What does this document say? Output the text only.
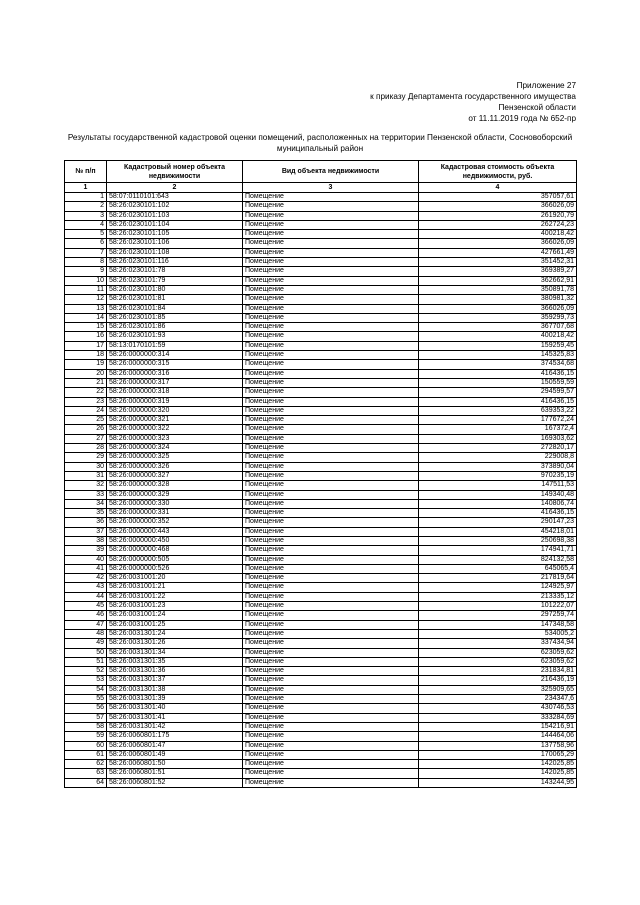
Приложение 27
к приказу Департамента государственного имущества
Пензенской области
от 11.11.2019 года № 652-пр
Результаты государственной кадастровой оценки помещений, расположенных на территории Пензенской области, Сосновоборский
муниципальный район
№ п/п	Кадастровый номер объекта недвижимости	Вид объекта недвижимости	Кадастровая стоимость объекта недвижимости, руб.
1	2	3	4
1	58:07:0110101:643	Помещение	357057,61
2	58:26:0230101:102	Помещение	366026,09
3	58:26:0230101:103	Помещение	261920,79
4	58:26:0230101:104	Помещение	262724,23
5	58:26:0230101:105	Помещение	400218,42
6	58:26:0230101:106	Помещение	366026,09
7	58:26:0230101:108	Помещение	427661,49
8	58:26:0230101:116	Помещение	351452,31
9	58:26:0230101:78	Помещение	369389,27
10	58:26:0230101:79	Помещение	362662,91
11	58:26:0230101:80	Помещение	350891,78
12	58:26:0230101:81	Помещение	380981,32
13	58:26:0230101:84	Помещение	366026,09
14	58:26:0230101:85	Помещение	359299,73
15	58:26:0230101:86	Помещение	367707,68
16	58:26:0230101:93	Помещение	400218,42
17	58:13:0170101:59	Помещение	159259,45
18	58:26:0000000:314	Помещение	145325,83
19	58:26:0000000:315	Помещение	374534,68
20	58:26:0000000:316	Помещение	416436,15
21	58:26:0000000:317	Помещение	150559,59
22	58:26:0000000:318	Помещение	294599,57
23	58:26:0000000:319	Помещение	416436,15
24	58:26:0000000:320	Помещение	639353,22
25	58:26:0000000:321	Помещение	177672,24
26	58:26:0000000:322	Помещение	167372,4
27	58:26:0000000:323	Помещение	169303,62
28	58:26:0000000:324	Помещение	272820,17
29	58:26:0000000:325	Помещение	229008,8
30	58:26:0000000:326	Помещение	373890,04
31	58:26:0000000:327	Помещение	970235,19
32	58:26:0000000:328	Помещение	147511,53
33	58:26:0000000:329	Помещение	149340,48
34	58:26:0000000:330	Помещение	140806,74
35	58:26:0000000:331	Помещение	416436,15
36	58:26:0000000:352	Помещение	290147,23
37	58:26:0000000:443	Помещение	454218,01
38	58:26:0000000:450	Помещение	250698,38
39	58:26:0000000:468	Помещение	174941,71
40	58:26:0000000:505	Помещение	824132,58
41	58:26:0000000:526	Помещение	645065,4
42	58:26:0031001:20	Помещение	217819,64
43	58:26:0031001:21	Помещение	124925,97
44	58:26:0031001:22	Помещение	213335,12
45	58:26:0031001:23	Помещение	101222,07
46	58:26:0031001:24	Помещение	297259,74
47	58:26:0031001:25	Помещение	147348,58
48	58:26:0031301:24	Помещение	534005,2
49	58:26:0031301:26	Помещение	337434,94
50	58:26:0031301:34	Помещение	623059,62
51	58:26:0031301:35	Помещение	623059,62
52	58:26:0031301:36	Помещение	231834,81
53	58:26:0031301:37	Помещение	216436,19
54	58:26:0031301:38	Помещение	325909,65
55	58:26:0031301:39	Помещение	234347,6
56	58:26:0031301:40	Помещение	430746,53
57	58:26:0031301:41	Помещение	333284,69
58	58:26:0031301:42	Помещение	154216,91
59	58:26:0060801:175	Помещение	144464,06
60	58:26:0060801:47	Помещение	137758,96
61	58:26:0060801:49	Помещение	170065,29
62	58:26:0060801:50	Помещение	142025,85
63	58:26:0060801:51	Помещение	142025,85
64	58:26:0060801:52	Помещение	143244,95
